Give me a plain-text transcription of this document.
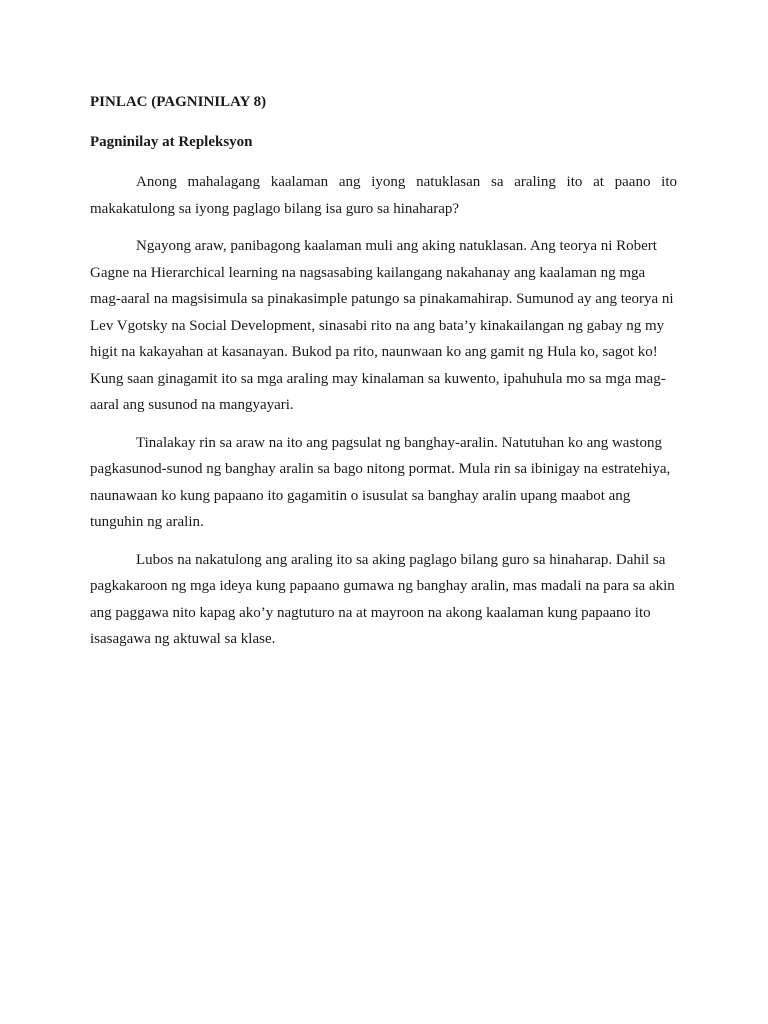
PINLAC (PAGNINILAY 8)
Pagninilay at Repleksyon

Anong mahalagang kaalaman ang iyong natuklasan sa araling ito at paano ito makakatulong sa iyong paglago bilang isa guro sa hinaharap?

Ngayong araw, panibagong kaalaman muli ang aking natuklasan. Ang teorya ni Robert Gagne na Hierarchical learning na nagsasabing kailangang nakahanay ang kaalaman ng mga mag-aaral na magsisimula sa pinakasimple patungo sa pinakamahirap. Sumunod ay ang teorya ni Lev Vgotsky na Social Development, sinasabi rito na ang bata’y kinakailangan ng gabay ng my higit na kakayahan at kasanayan. Bukod pa rito, naunwaan ko ang gamit ng Hula ko, sagot ko! Kung saan ginagamit ito sa mga araling may kinalaman sa kuwento, ipahuhula mo sa mga mag-aaral ang susunod na mangyayari.

Tinalakay rin sa araw na ito ang pagsulat ng banghay-aralin. Natutuhan ko ang wastong pagkasunod-sunod ng banghay aralin sa bago nitong pormat. Mula rin sa ibinigay na estratehiya, naunawaan ko kung papaano ito gagamitin o isusulat sa banghay aralin upang maabot ang tunguhin ng aralin.

Lubos na nakatulong ang araling ito sa aking paglago bilang guro sa hinaharap. Dahil sa pagkakaroon ng mga ideya kung papaano gumawa ng banghay aralin, mas madali na para sa akin ang paggawa nito kapag ako’y nagtuturo na at mayroon na akong kaalaman kung papaano ito isasagawa ng aktuwal sa klase.
